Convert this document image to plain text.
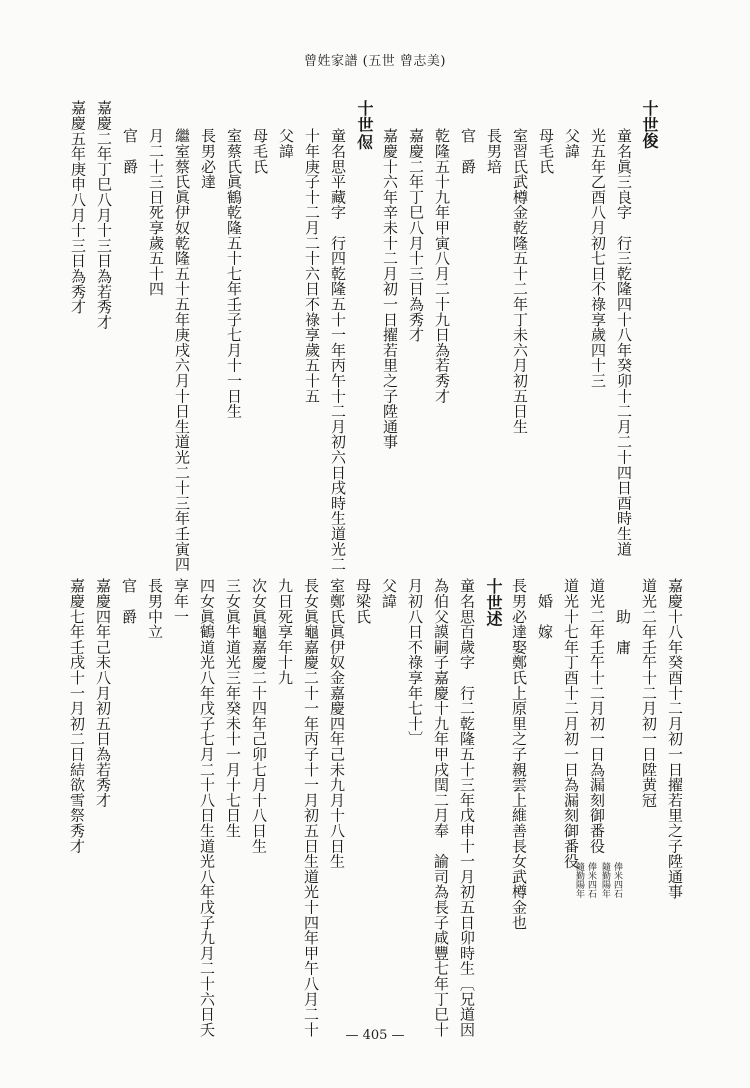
曾姓家譜 (五世 曾志美)
十世俊
童名眞三良字　行三乾隆四十八年癸卯十二月二十四日酉時生道
光五年乙酉八月初七日不祿享歲四十三
父諱
母毛氏
室習氏武樽金乾隆五十二年丁未六月初五日生
長男培
官　爵
乾隆五十九年甲寅八月二十九日為若秀才
嘉慶二年丁巳八月十三日為秀才
嘉慶十六年辛未十二月初一日擢若里之子陞通事
十世𠈉
童名思平藏字　行四乾隆五十一年丙午十二月初六日戌時生道光二
十年庚子十二月二十六日不祿享歲五十五
父諱
母毛氏
室蔡氏眞鶴乾隆五十七年壬子七月十一日生
長男必達
繼室蔡氏眞伊奴乾隆五十五年庚戌六月十日生道光二十三年壬寅四
月二十三日死享歲五十四
官　爵
嘉慶二年丁巳八月十三日為若秀才
嘉慶五年庚申八月十三日為秀才
嘉慶十八年癸酉十二月初一日擢若里之子陞通事
道光二年壬午十二月初一日陞黄冠
　　助　庸
道光二年壬午十二月初一日為漏刻御番役
隨勤陽年 俸米四石
道光十七年丁酉十二月初一日為漏刻御番役
隨勤陽年 俸米四石
　婚　嫁
長男必達娶鄭氏上原里之子親雲上維善長女武樽金也
十世述
童名思百歲字　行二乾隆五十三年戊申十一月初五日卯時生〔兄道因
為伯父謨嗣子嘉慶十九年甲戌閏二月奉　諭司為長子咸豐七年丁巳十
月初八日不祿享年七十〕
父諱
母梁氏
室鄭氏眞伊奴金嘉慶四年己未九月十八日生
長女眞龜嘉慶二十一年丙子十一月初五日生道光十四年甲午八月二十
九日死享年十九
次女眞龜嘉慶二十四年己卯七月十八日生
三女眞牛道光三年癸未十一月十七日生
四女眞鶴道光八年戊子七月二十八日生道光八年戊子九月二十六日夭
享年一
長男中立
官　爵
嘉慶四年己未八月初五日為若秀才
嘉慶七年壬戌十一月初二日結欲雪祭秀才
— 405 —
